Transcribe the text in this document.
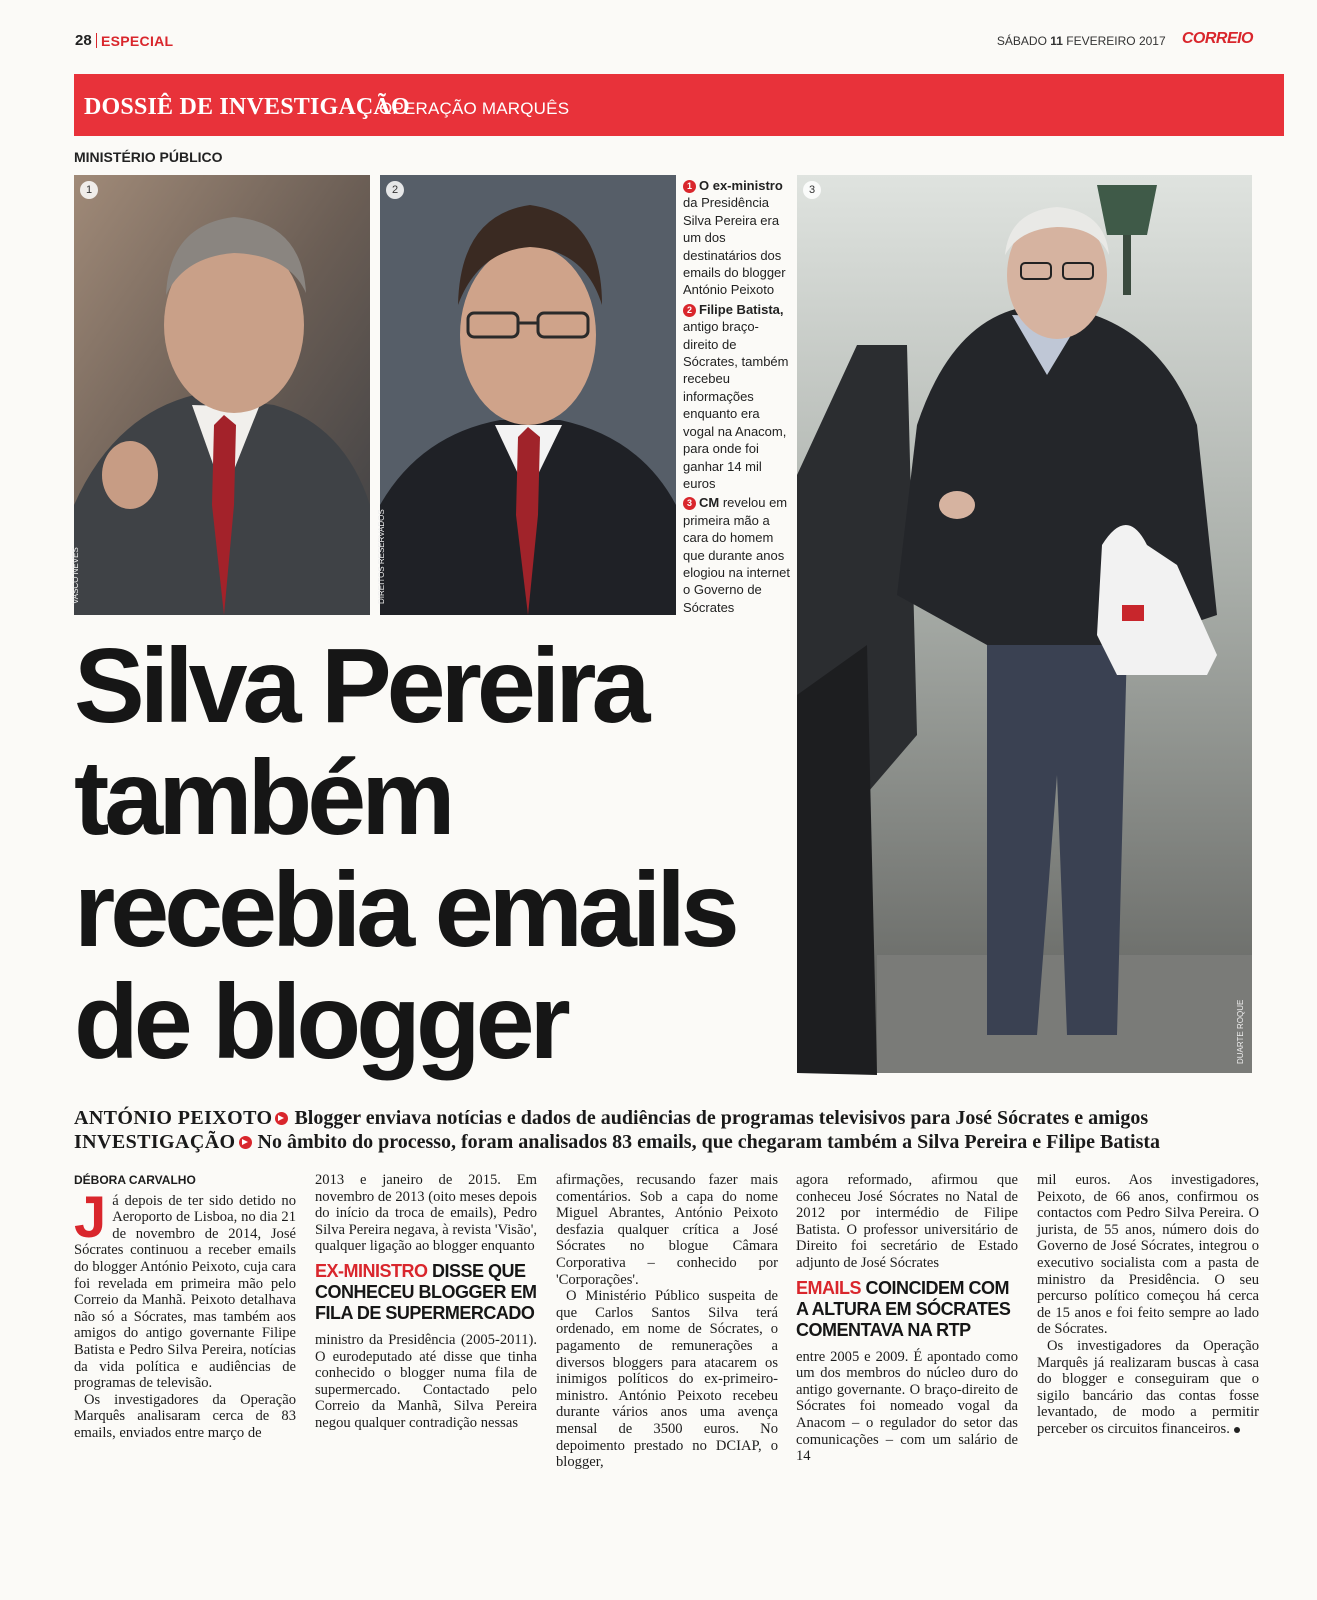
28 ESPECIAL	SÁBADO 11 FEVEREIRO 2017	CORREIO
DOSSIÊ DE INVESTIGAÇÃO
OPERAÇÃO MARQUÊS
MINISTÉRIO PÚBLICO
1
VASCO NEVES
2
DIREITOS RESERVADOS
1 O ex-ministro da Presidência Silva Pereira era um dos destinatários dos emails do blogger António Peixoto
2 Filipe Batista, antigo braço-direito de Sócrates, também recebeu informações enquanto era vogal na Anacom, para onde foi ganhar 14 mil euros
3 CM revelou em primeira mão a cara do homem que durante anos elogiou na internet o Governo de Sócrates
3
DUARTE ROQUE
Silva Pereira
também
recebia emails
de blogger
ANTÓNIO PEIXOTO Blogger enviava notícias e dados de audiências de programas televisivos para José Sócrates e amigos
INVESTIGAÇÃO No âmbito do processo, foram analisados 83 emails, que chegaram também a Silva Pereira e Filipe Batista
DÉBORA CARVALHO

Já depois de ter sido detido no Aeroporto de Lisboa, no dia 21 de novembro de 2014, José Sócrates continuou a receber emails do blogger António Peixoto, cuja cara foi revelada em primeira mão pelo Correio da Manhã. Peixoto detalhava não só a Sócrates, mas também aos amigos do antigo governante Filipe Batista e Pedro Silva Pereira, notícias da vida política e audiências de programas de televisão.

Os investigadores da Operação Marquês analisaram cerca de 83 emails, enviados entre março de

2013 e janeiro de 2015. Em novembro de 2013 (oito meses depois do início da troca de emails), Pedro Silva Pereira negava, à revista 'Visão', qualquer ligação ao blogger enquanto

EX-MINISTRO DISSE QUE CONHECEU BLOGGER EM FILA DE SUPERMERCADO

ministro da Presidência (2005-2011). O eurodeputado até disse que tinha conhecido o blogger numa fila de supermercado. Contactado pelo Correio da Manhã, Silva Pereira negou qualquer contradição nessas

afirmações, recusando fazer mais comentários. Sob a capa do nome Miguel Abrantes, António Peixoto desfazia qualquer crítica a José Sócrates no blogue Câmara Corporativa – conhecido por 'Corporações'.

O Ministério Público suspeita de que Carlos Santos Silva terá ordenado, em nome de Sócrates, o pagamento de remunerações a diversos bloggers para atacarem os inimigos políticos do ex-primeiro-ministro. António Peixoto recebeu durante vários anos uma avença mensal de 3500 euros. No depoimento prestado no DCIAP, o blogger,

agora reformado, afirmou que conheceu José Sócrates no Natal de 2012 por intermédio de Filipe Batista. O professor universitário de Direito foi secretário de Estado adjunto de José Sócrates

EMAILS COINCIDEM COM A ALTURA EM SÓCRATES COMENTAVA NA RTP

entre 2005 e 2009. É apontado como um dos membros do núcleo duro do antigo governante. O braço-direito de Sócrates foi nomeado vogal da Anacom – o regulador do setor das comunicações – com um salário de 14

mil euros. Aos investigadores, Peixoto, de 66 anos, confirmou os contactos com Pedro Silva Pereira. O jurista, de 55 anos, número dois do Governo de José Sócrates, integrou o executivo socialista com a pasta de ministro da Presidência. O seu percurso político começou há cerca de 15 anos e foi feito sempre ao lado de Sócrates.

Os investigadores da Operação Marquês já realizaram buscas à casa do blogger e conseguiram que o sigilo bancário das contas fosse levantado, de modo a permitir perceber os circuitos financeiros.
